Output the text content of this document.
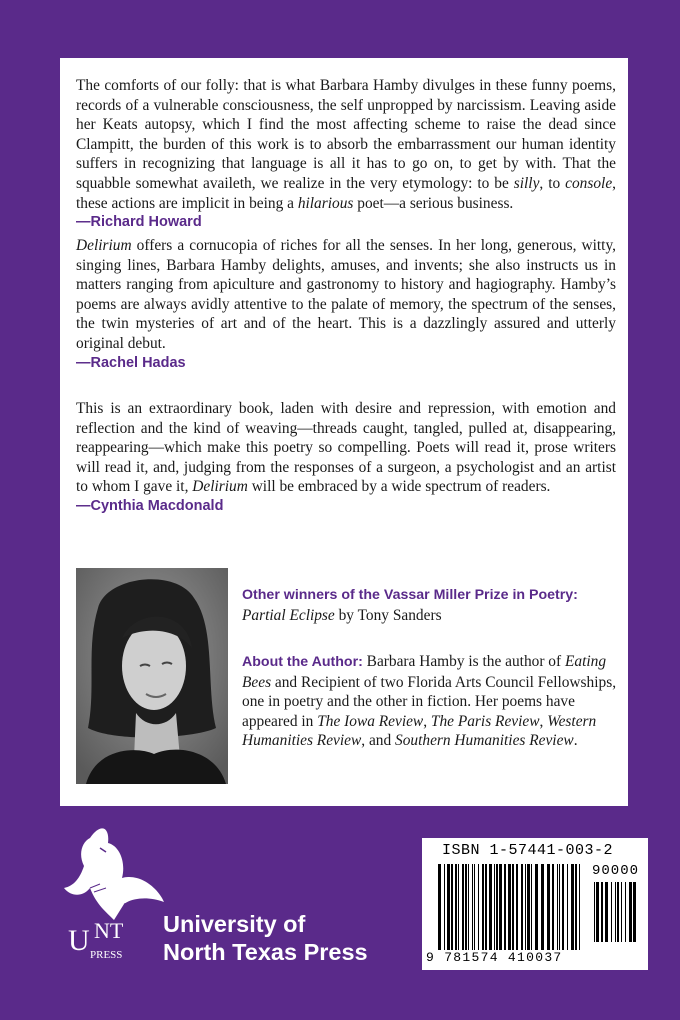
The comforts of our folly: that is what Barbara Hamby divulges in these funny poems, records of a vulnerable consciousness, the self unpropped by narcissism. Leaving aside her Keats autopsy, which I find the most affecting scheme to raise the dead since Clampitt, the burden of this work is to absorb the embarrassment our human identity suffers in recognizing that language is all it has to go on, to get by with. That the squabble somewhat availeth, we realize in the very etymology: to be silly, to console, these actions are implicit in being a hilarious poet—a serious business.
—Richard Howard
Delirium offers a cornucopia of riches for all the senses. In her long, generous, witty, singing lines, Barbara Hamby delights, amuses, and invents; she also instructs us in matters ranging from apiculture and gastronomy to history and hagiography. Hamby’s poems are always avidly attentive to the palate of memory, the spectrum of the senses, the twin mysteries of art and of the heart. This is a dazzlingly assured and utterly original debut.
—Rachel Hadas
This is an extraordinary book, laden with desire and repression, with emotion and reflection and the kind of weaving—threads caught, tangled, pulled at, disappearing, reappearing—which make this poetry so compelling. Poets will read it, prose writers will read it, and, judging from the responses of a surgeon, a psychologist and an artist to whom I gave it, Delirium will be embraced by a wide spectrum of readers.
—Cynthia Macdonald
Other winners of the Vassar Miller Prize in Poetry: Partial Eclipse by Tony Sanders
About the Author: Barbara Hamby is the author of Eating Bees and Recipient of two Florida Arts Council Fellowships, one in poetry and the other in fiction. Her poems have appeared in The Iowa Review, The Paris Review, Western Humanities Review, and Southern Humanities Review.
U NT
PRESS
University of
North Texas Press
ISBN 1-57441-003-2
90000
9 781574 410037
